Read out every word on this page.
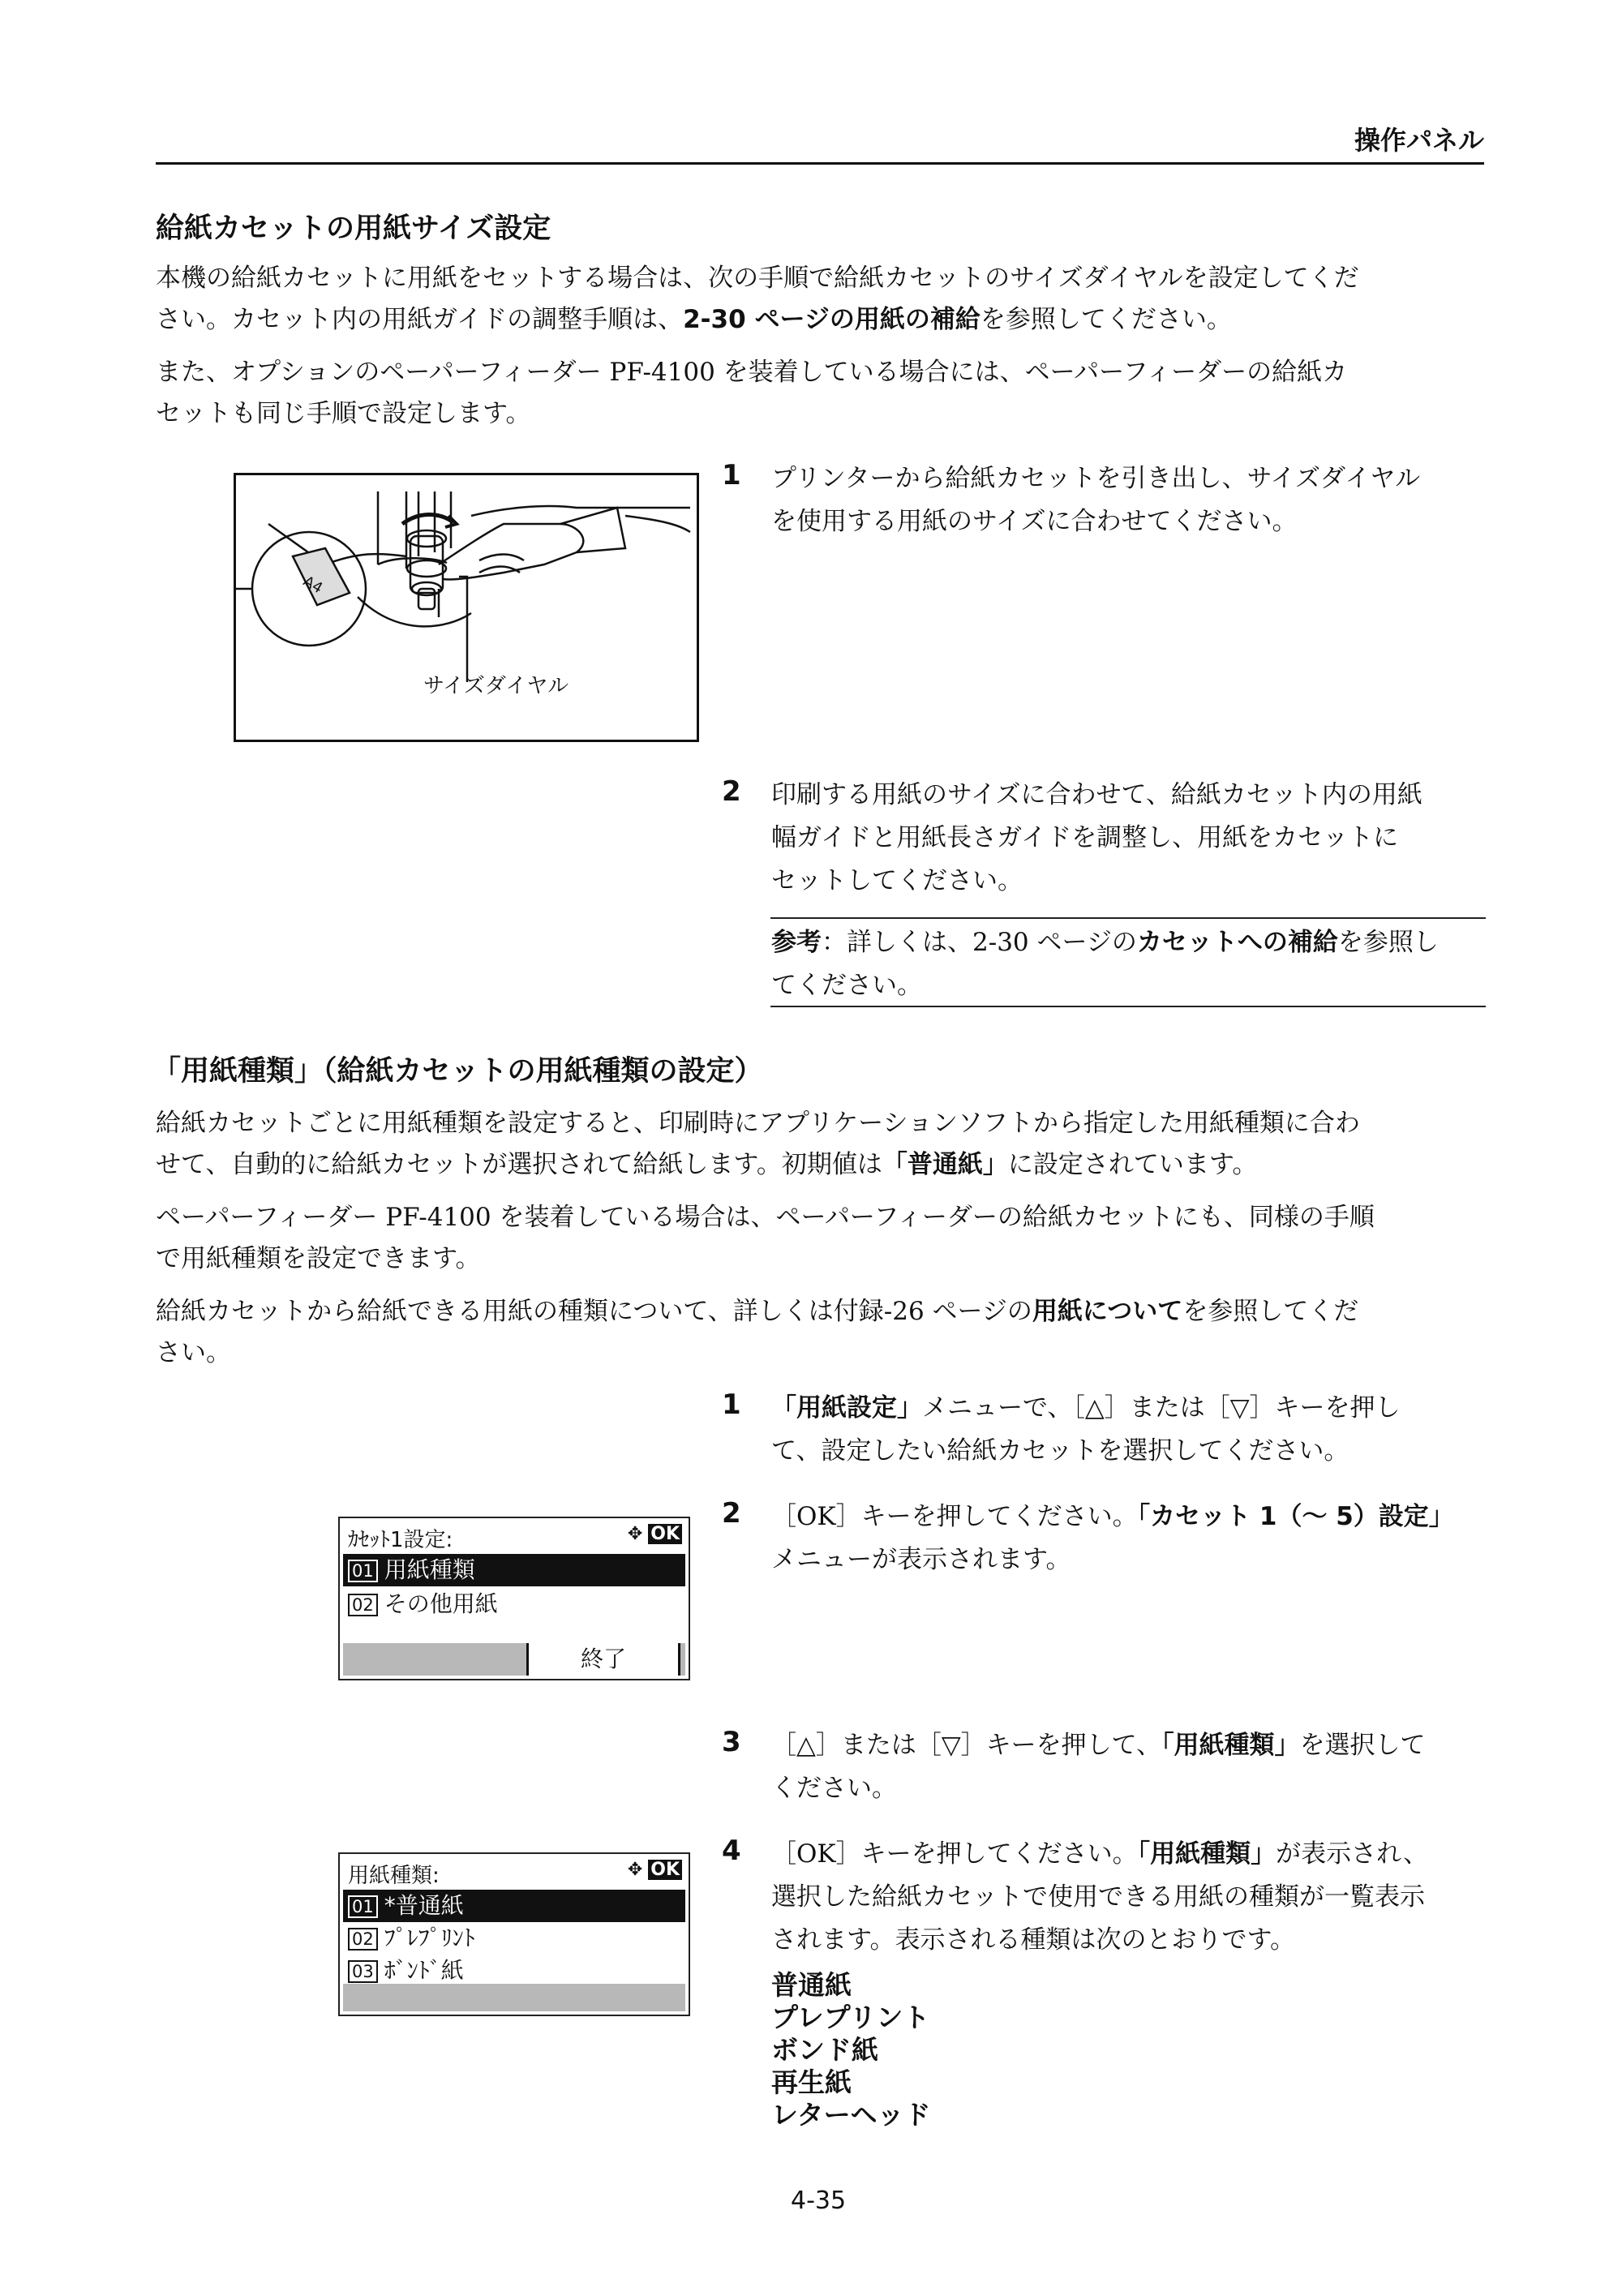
操作パネル
給紙カセットの用紙サイズ設定
本機の給紙カセットに用紙をセットする場合は、次の手順で給紙カセットのサイズダイヤルを設定してくだ
さい。カセット内の用紙ガイドの調整手順は、2-30 ページの用紙の補給を参照してください。
また、オプションのペーパーフィーダー PF-4100 を装着している場合には、ペーパーフィーダーの給紙カ
セットも同じ手順で設定します。
A4
サイズダイヤル
1 プリンターから給紙カセットを引き出し、サイズダイヤル
を使用する用紙のサイズに合わせてください。
2 印刷する用紙のサイズに合わせて、給紙カセット内の用紙
幅ガイドと用紙長さガイドを調整し、用紙をカセットに
セットしてください。
参考：詳しくは、2-30 ページのカセットへの補給を参照し
てください。
「用紙種類」（給紙カセットの用紙種類の設定）
給紙カセットごとに用紙種類を設定すると、印刷時にアプリケーションソフトから指定した用紙種類に合わ
せて、自動的に給紙カセットが選択されて給紙します。初期値は「普通紙」に設定されています。
ペーパーフィーダー PF-4100 を装着している場合は、ペーパーフィーダーの給紙カセットにも、同様の手順
で用紙種類を設定できます。
給紙カセットから給紙できる用紙の種類について、詳しくは付録-26 ページの用紙についてを参照してくだ
さい。
1 「用紙設定」メニューで、［△］または［▽］キーを押し
て、設定したい給紙カセットを選択してください。
2 ［OK］キーを押してください。「カセット 1（～ 5）設定」
メニューが表示されます。
3 ［△］または［▽］キーを押して、「用紙種類」を選択して
ください。
4 ［OK］キーを押してください。「用紙種類」が表示され、
選択した給紙カセットで使用できる用紙の種類が一覧表示
されます。表示される種類は次のとおりです。
普通紙
プレプリント
ボンド紙
再生紙
レターヘッド
ｶｾｯﾄ1設定:	✥ OK
01 用紙種類
02 その他用紙
終了
用紙種類:	✥ OK
01 *普通紙
02 ﾌﾟﾚﾌﾟﾘﾝﾄ
03 ﾎﾞﾝﾄﾞ紙
4-35
